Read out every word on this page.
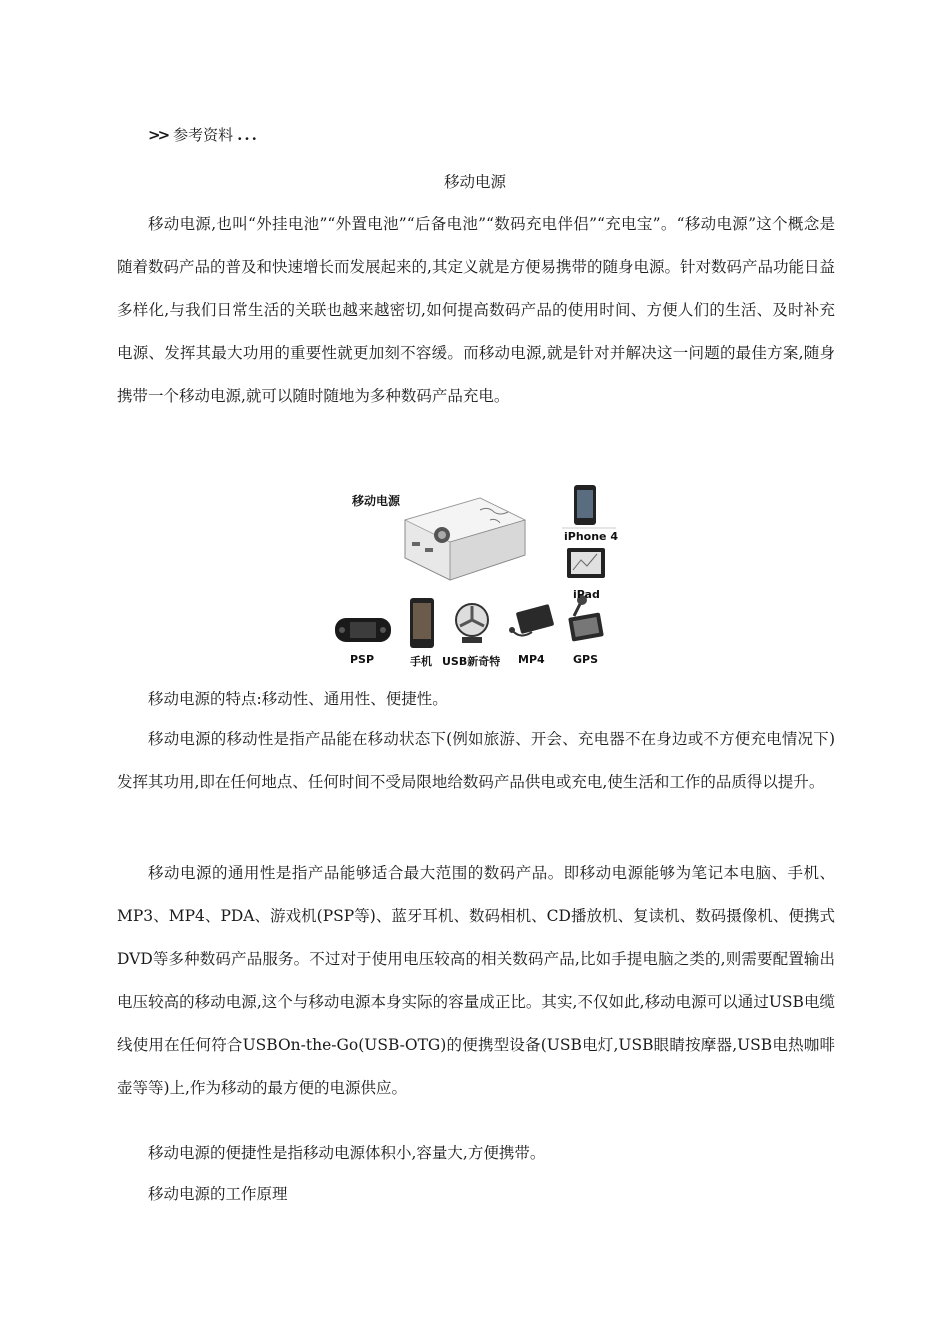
>> 参考资料 ...
移动电源

移动电源,也叫“外挂电池”“外置电池”“后备电池”“数码充电伴侣”“充电宝”。“移动电源”这个概念是随着数码产品的普及和快速增长而发展起来的,其定义就是方便易携带的随身电源。针对数码产品功能日益多样化,与我们日常生活的关联也越来越密切,如何提高数码产品的使用时间、方便人们的生活、及时补充电源、发挥其最大功用的重要性就更加刻不容缓。而移动电源,就是针对并解决这一问题的最佳方案,随身携带一个移动电源,就可以随时随地为多种数码产品充电。

移动电源
iPhone 4
iPad
PSP	手机 USB新奇特 MP4	GPS
移动电源的特点:移动性、通用性、便捷性。

移动电源的移动性是指产品能在移动状态下(例如旅游、开会、充电器不在身边或不方便充电情况下)发挥其功用,即在任何地点、任何时间不受局限地给数码产品供电或充电,使生活和工作的品质得以提升。

移动电源的通用性是指产品能够适合最大范围的数码产品。即移动电源能够为笔记本电脑、手机、MP3、MP4、PDA、游戏机(PSP等)、蓝牙耳机、数码相机、CD播放机、复读机、数码摄像机、便携式DVD等多种数码产品服务。不过对于使用电压较高的相关数码产品,比如手提电脑之类的,则需要配置输出电压较高的移动电源,这个与移动电源本身实际的容量成正比。其实,不仅如此,移动电源可以通过USB电缆线使用在任何符合USBOn-the-Go(USB-OTG)的便携型设备(USB电灯,USB眼睛按摩器,USB电热咖啡壶等等)上,作为移动的最方便的电源供应。

移动电源的便捷性是指移动电源体积小,容量大,方便携带。
移动电源的工作原理
